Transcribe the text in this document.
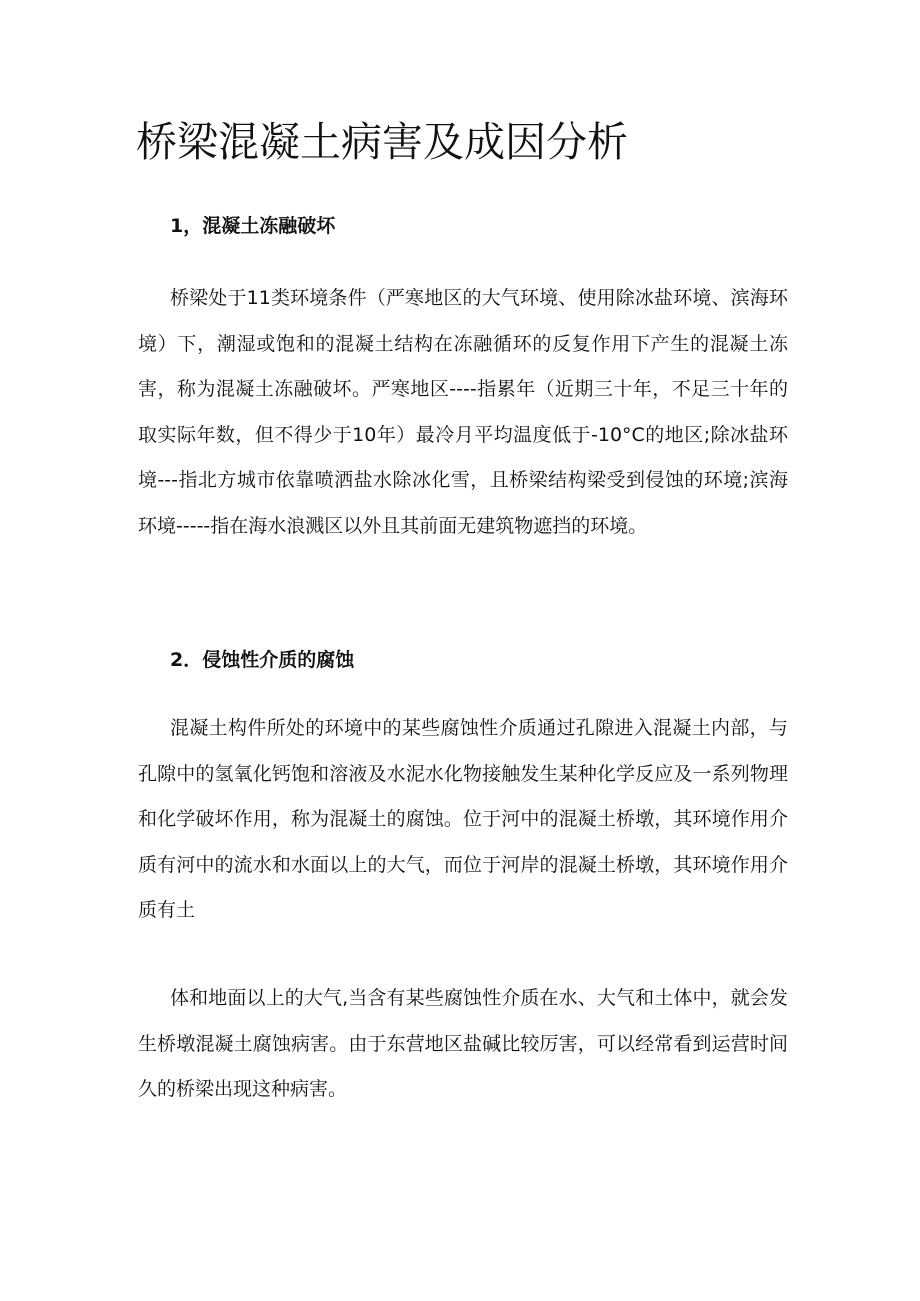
桥梁混凝土病害及成因分析
1，混凝土冻融破坏

桥梁处于11类环境条件（严寒地区的大气环境、使用除冰盐环境、滨海环境）下，潮湿或饱和的混凝土结构在冻融循环的反复作用下产生的混凝土冻害，称为混凝土冻融破坏。严寒地区----指累年（近期三十年，不足三十年的取实际年数，但不得少于10年）最冷月平均温度低于-10°C的地区;除冰盐环境---指北方城市依靠喷洒盐水除冰化雪，且桥梁结构梁受到侵蚀的环境;滨海环境-----指在海水浪溅区以外且其前面无建筑物遮挡的环境。

2．侵蚀性介质的腐蚀

混凝土构件所处的环境中的某些腐蚀性介质通过孔隙进入混凝土内部，与孔隙中的氢氧化钙饱和溶液及水泥水化物接触发生某种化学反应及一系列物理和化学破坏作用，称为混凝土的腐蚀。位于河中的混凝土桥墩，其环境作用介质有河中的流水和水面以上的大气，而位于河岸的混凝土桥墩，其环境作用介质有土

体和地面以上的大气,当含有某些腐蚀性介质在水、大气和土体中，就会发生桥墩混凝土腐蚀病害。由于东营地区盐碱比较厉害，可以经常看到运营时间久的桥梁出现这种病害。
